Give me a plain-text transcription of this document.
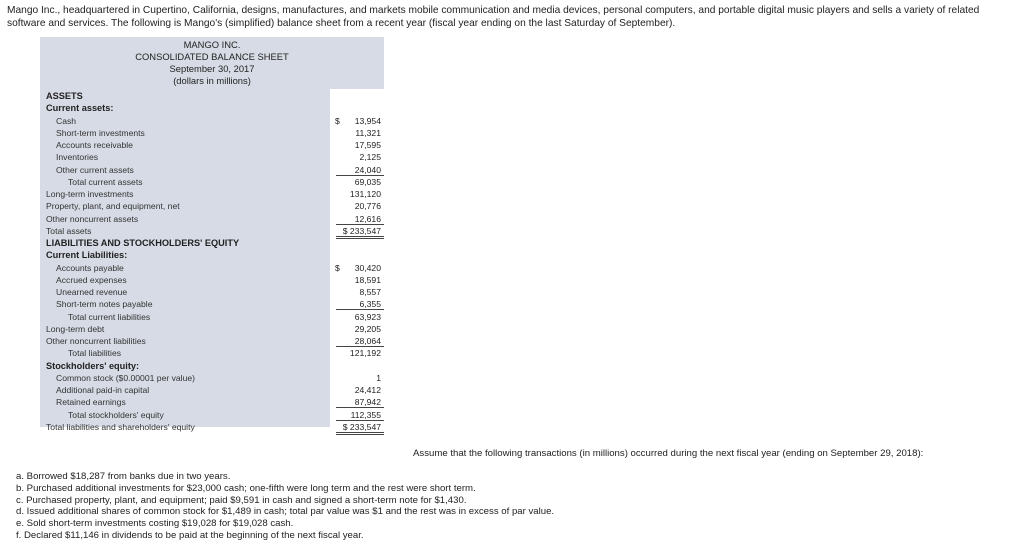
Mango Inc., headquartered in Cupertino, California, designs, manufactures, and markets mobile communication and media devices, personal computers, and portable digital music players and sells a variety of related software and services. The following is Mango's (simplified) balance sheet from a recent year (fiscal year ending on the last Saturday of September).
MANGO INC.
CONSOLIDATED BALANCE SHEET
September 30, 2017
(dollars in millions)
ASSETS
Current assets:
Cash	$ 13,954
Short-term investments	11,321
Accounts receivable	17,595
Inventories	2,125
Other current assets	24,040
Total current assets	69,035
Long-term investments	131,120
Property, plant, and equipment, net	20,776
Other noncurrent assets	12,616
Total assets	$ 233,547
LIABILITIES AND STOCKHOLDERS' EQUITY
Current Liabilities:
Accounts payable	$ 30,420
Accrued expenses	18,591
Unearned revenue	8,557
Short-term notes payable	6,355
Total current liabilities	63,923
Long-term debt	29,205
Other noncurrent liabilities	28,064
Total liabilities	121,192
Stockholders' equity:
Common stock ($0.00001 per value)	1
Additional paid-in capital	24,412
Retained earnings	87,942
Total stockholders' equity	112,355
Total liabilities and shareholders' equity	$ 233,547
Assume that the following transactions (in millions) occurred during the next fiscal year (ending on September 29, 2018):
a. Borrowed $18,287 from banks due in two years.
b. Purchased additional investments for $23,000 cash; one-fifth were long term and the rest were short term.
c. Purchased property, plant, and equipment; paid $9,591 in cash and signed a short-term note for $1,430.
d. Issued additional shares of common stock for $1,489 in cash; total par value was $1 and the rest was in excess of par value.
e. Sold short-term investments costing $19,028 for $19,028 cash.
f. Declared $11,146 in dividends to be paid at the beginning of the next fiscal year.
